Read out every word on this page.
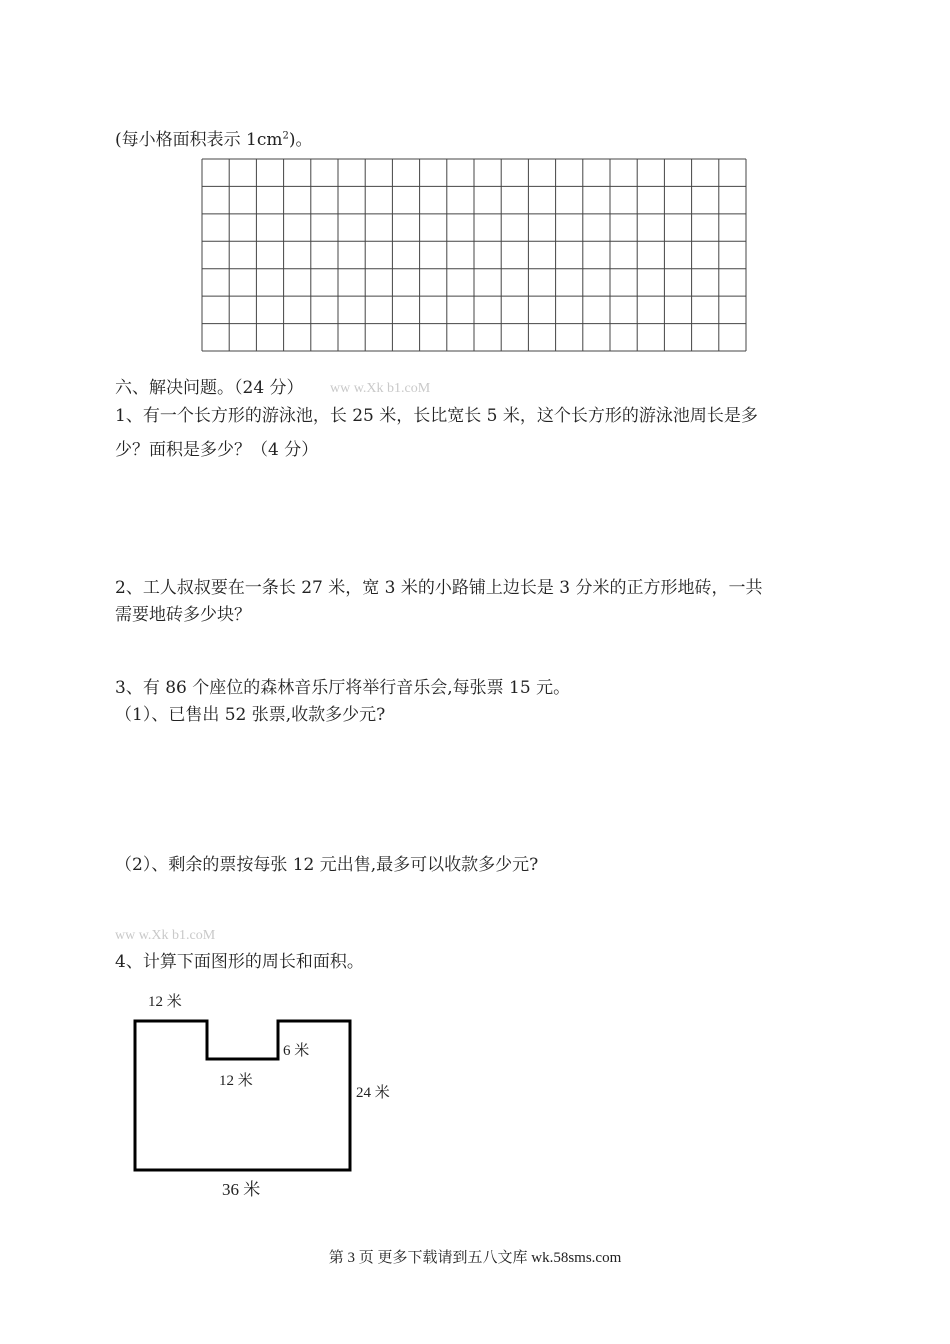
(每小格面积表示 $1cm^2$)。
六、解决问题。（24 分） ww w.Xk b1.coM
1、有一个长方形的游泳池，长 25 米，长比宽长 5 米，这个长方形的游泳池周长是多
少？面积是多少？（4 分）
2、工人叔叔要在一条长 27 米，宽 3 米的小路铺上边长是 3 分米的正方形地砖，一共
需要地砖多少块？
3、有 86 个座位的森林音乐厅将举行音乐会,每张票 15 元。
（1）、已售出 52 张票,收款多少元?
（2）、剩余的票按每张 12 元出售,最多可以收款多少元?
ww w.Xk b1.coM
4、计算下面图形的周长和面积。
12 米
6 米
12 米
24 米
36 米
第 3 页 更多下载请到五八文库 wk.58sms.com
